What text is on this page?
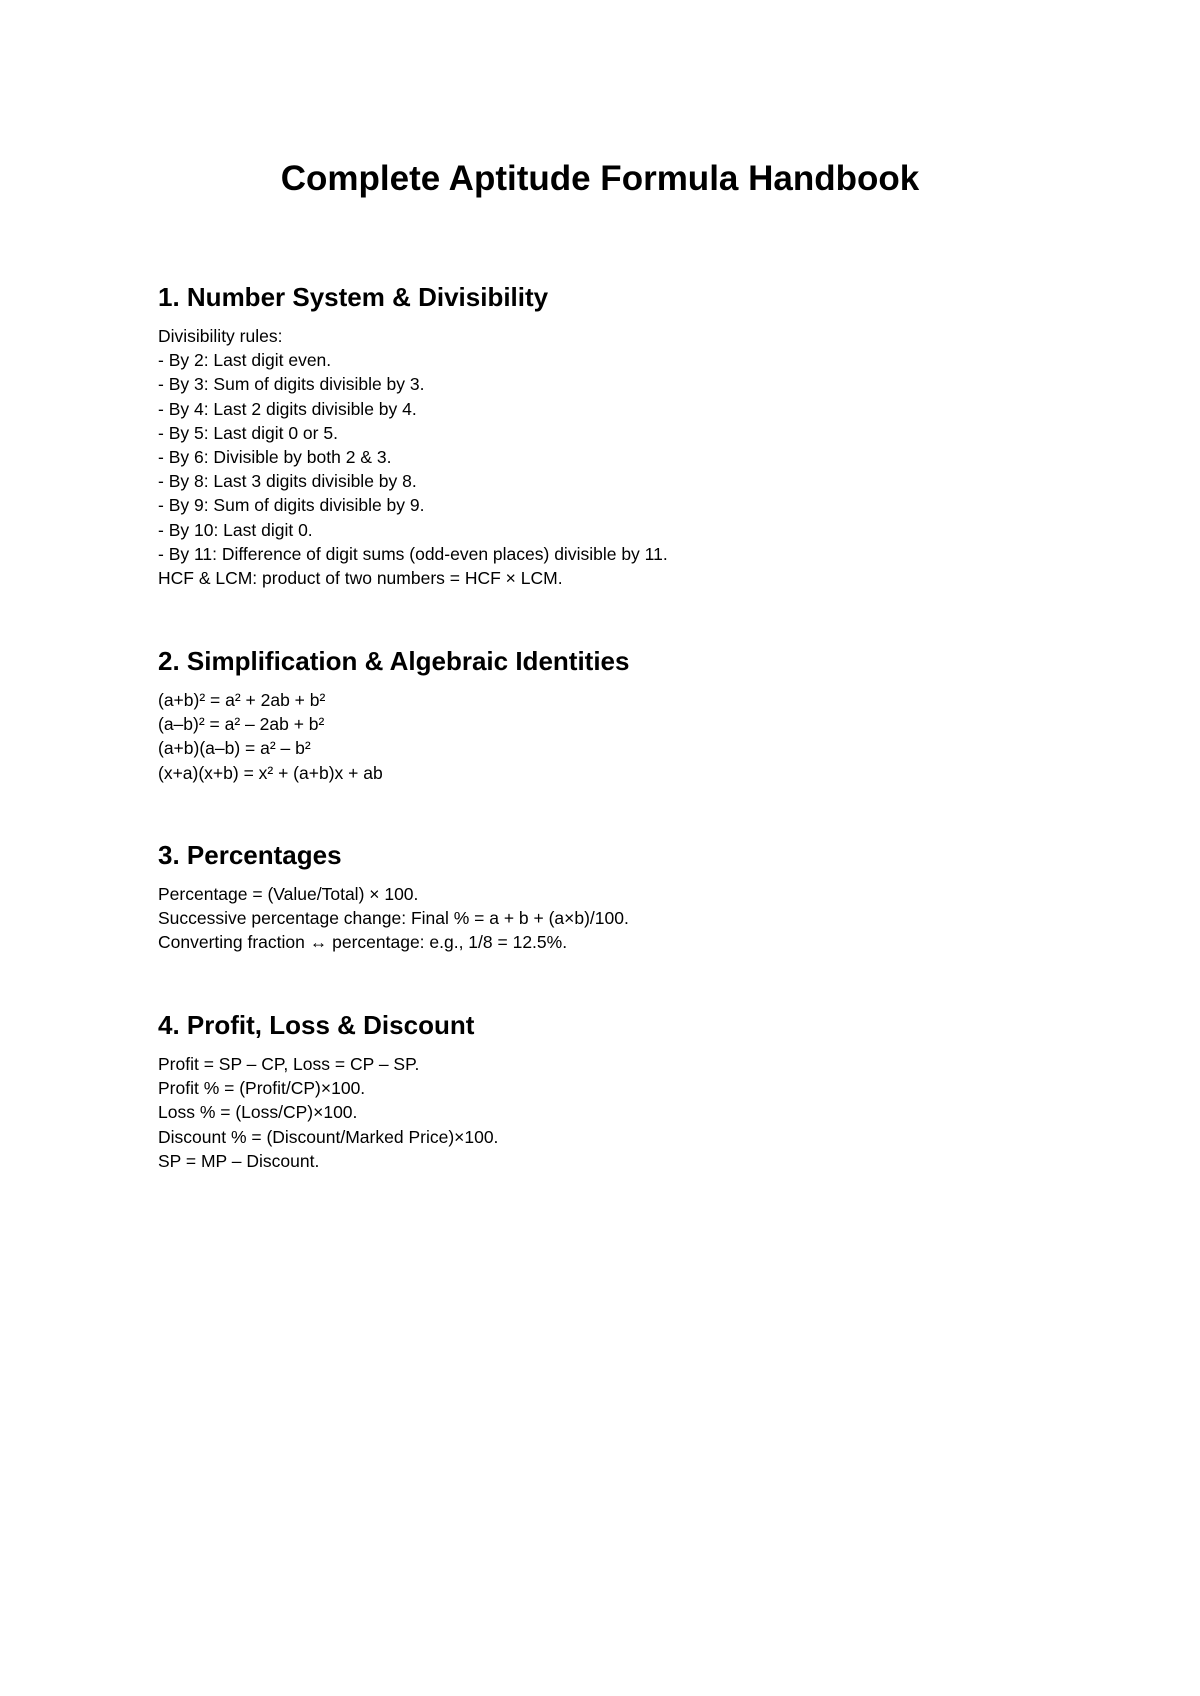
Complete Aptitude Formula Handbook
1. Number System & Divisibility
Divisibility rules:
- By 2: Last digit even.
- By 3: Sum of digits divisible by 3.
- By 4: Last 2 digits divisible by 4.
- By 5: Last digit 0 or 5.
- By 6: Divisible by both 2 & 3.
- By 8: Last 3 digits divisible by 8.
- By 9: Sum of digits divisible by 9.
- By 10: Last digit 0.
- By 11: Difference of digit sums (odd-even places) divisible by 11.
HCF & LCM: product of two numbers = HCF × LCM.
2. Simplification & Algebraic Identities
(a+b)² = a² + 2ab + b²
(a–b)² = a² – 2ab + b²
(a+b)(a–b) = a² – b²
(x+a)(x+b) = x² + (a+b)x + ab
3. Percentages
Percentage = (Value/Total) × 100.
Successive percentage change: Final % = a + b + (a×b)/100.
Converting fraction ↔ percentage: e.g., 1/8 = 12.5%.
4. Profit, Loss & Discount
Profit = SP – CP, Loss = CP – SP.
Profit % = (Profit/CP)×100.
Loss % = (Loss/CP)×100.
Discount % = (Discount/Marked Price)×100.
SP = MP – Discount.
